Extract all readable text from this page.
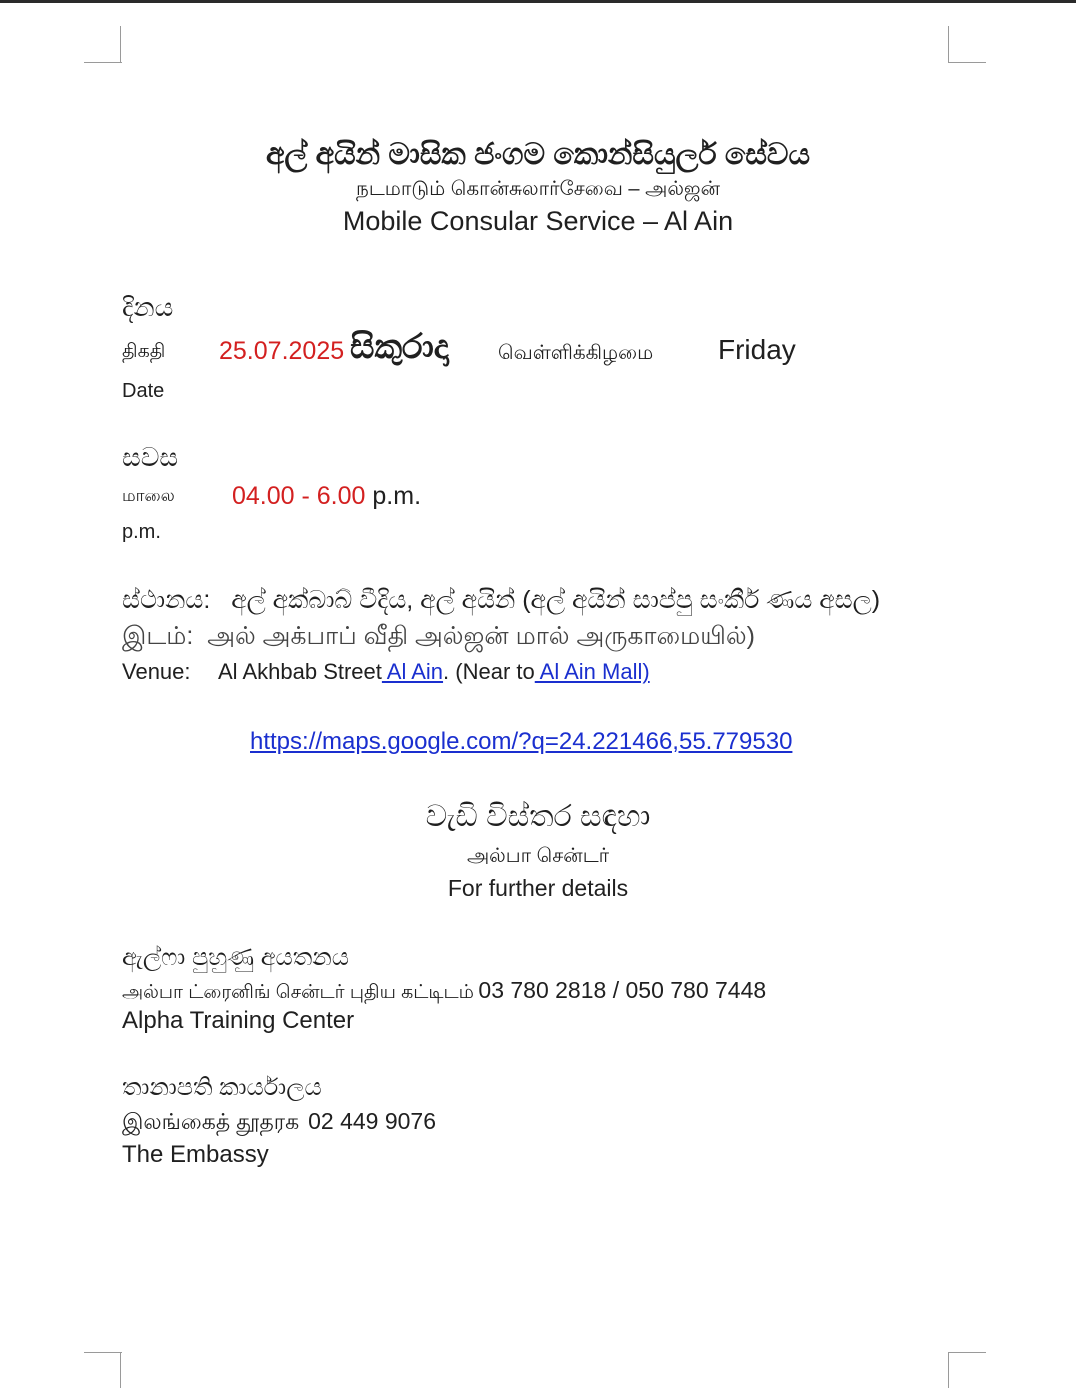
අල් අයින් මාසික ජංගම කොන්සියුලර් සේවය
நடமாடும் கொன்சுலார்சேவை – அல்ஜன்
Mobile Consular Service – Al Ain
දිනය
திகதி
Date
25.07.2025 සිකුරාදා வெள்ளிக்கிழமை Friday
සවස
மாலை
p.m.
04.00 - 6.00 p.m.
ස්ථානය: අල් අක්බාබ් වීදිය, අල් අයින් (අල් අයින් සාප්පු සංකීර් ණය අසල)
இடம்: அல் அக்பாப் வீதி அல்ஜன் மால் அருகாமையில்)
Venue: Al Akhbab Street Al Ain. (Near to Al Ain Mall)
https://maps.google.com/?q=24.221466,55.779530
වැඩි විස්තර සඳහා
அல்பா சென்டர்
For further details
ඇල්ෆා පුහුණු අයතනය
அல்பா ட்ரைனிங் சென்டர் புதிய கட்டிடம் 03 780 2818 / 050 780 7448
Alpha Training Center
තානාපති කාර්යාලය
இலங்கைத் தூதரக 02 449 9076
The Embassy
